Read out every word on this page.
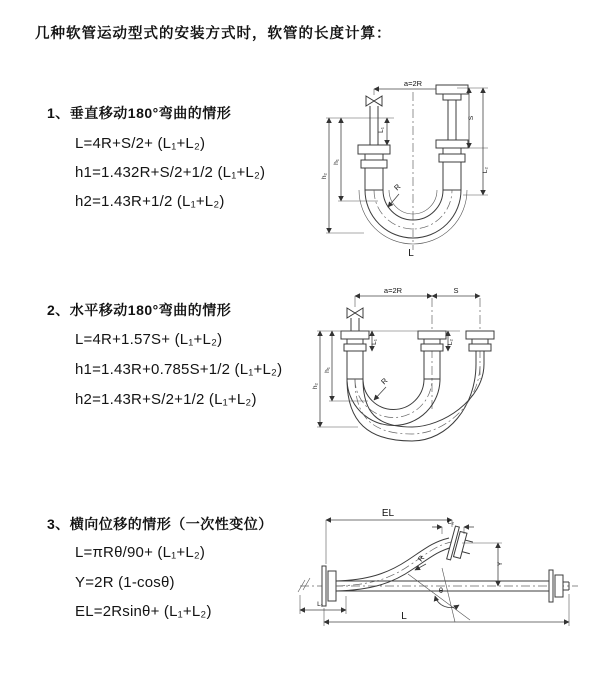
几种软管运动型式的安装方式时，软管的长度计算：
1、垂直移动180°弯曲的情形
L=4R+S/2+ (L₁+L₂)
h1=1.432R+S/2+1/2 (L₁+L₂)
h2=1.43R+1/2 (L₁+L₂)
2、水平移动180°弯曲的情形
L=4R+1.57S+ (L₁+L₂)
h1=1.43R+0.785S+1/2 (L₁+L₂)
h2=1.43R+S/2+1/2 (L₁+L₂)
3、横向位移的情形（一次性变位）
L=πRθ/90+ (L₁+L₂)
Y=2R (1-cosθ)
EL=2Rsinθ+ (L₁+L₂)
a=2R
S
L₂
L₁
h₁
h₂
R
L
a=2R	S
L₁	L₂
h₁
h₂	R
EL
L₂
Y
R
θ
L
L₁
